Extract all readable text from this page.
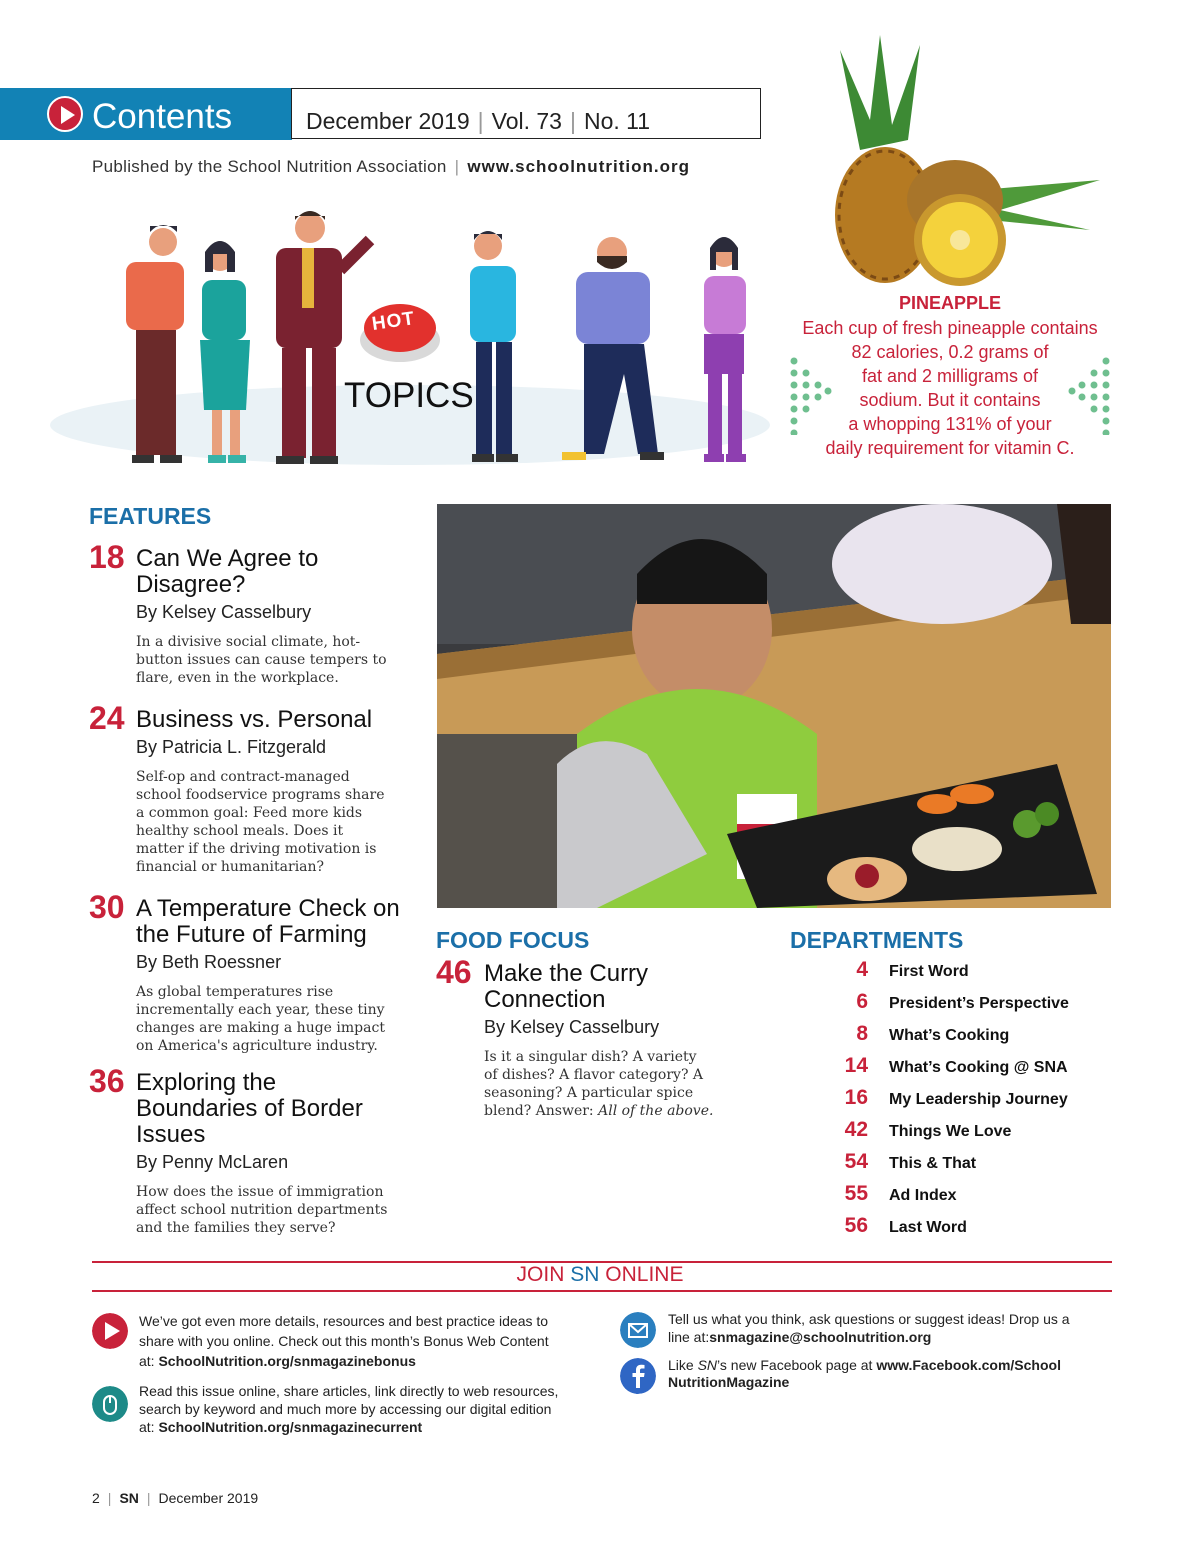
Contents	December 2019 | Vol. 73 | No. 11
Published by the School Nutrition Association | www.schoolnutrition.org
HOT
TOPICS
PINEAPPLE
Each cup of fresh pineapple contains
82 calories, 0.2 grams of
fat and 2 milligrams of
sodium. But it contains
a whopping 131% of your
daily requirement for vitamin C.
FEATURES
18 Can We Agree to
Disagree?
By Kelsey Casselbury
In a divisive social climate, hot-
button issues can cause tempers to
flare, even in the workplace.
24 Business vs. Personal
By Patricia L. Fitzgerald
Self-op and contract-managed
school foodservice programs share
a common goal: Feed more kids
healthy school meals. Does it
matter if the driving motivation is
financial or humanitarian?
30 A Temperature Check on
the Future of Farming
By Beth Roessner
As global temperatures rise
incrementally each year, these tiny
changes are making a huge impact
on America's agriculture industry.
36 Exploring the
Boundaries of Border
Issues
By Penny McLaren
How does the issue of immigration
affect school nutrition departments
and the families they serve?
FOOD FOCUS
46 Make the Curry
Connection
By Kelsey Casselbury
Is it a singular dish? A variety
of dishes? A flavor category? A
seasoning? A particular spice
blend? Answer: All of the above.
DEPARTMENTS
4 First Word
6 President’s Perspective
8 What’s Cooking
14 What’s Cooking @ SNA
16 My Leadership Journey
42 Things We Love
54 This & That
55 Ad Index
56 Last Word
JOIN SN ONLINE
We’ve got even more details, resources and best practice ideas to
share with you online. Check out this month’s Bonus Web Content
at: SchoolNutrition.org/snmagazinebonus
Read this issue online, share articles, link directly to web resources,
search by keyword and much more by accessing our digital edition
at: SchoolNutrition.org/snmagazinecurrent
Tell us what you think, ask questions or suggest ideas! Drop us a
line at:snmagazine@schoolnutrition.org
Like SN’s new Facebook page at www.Facebook.com/School
NutritionMagazine
2 | SN | December 2019
